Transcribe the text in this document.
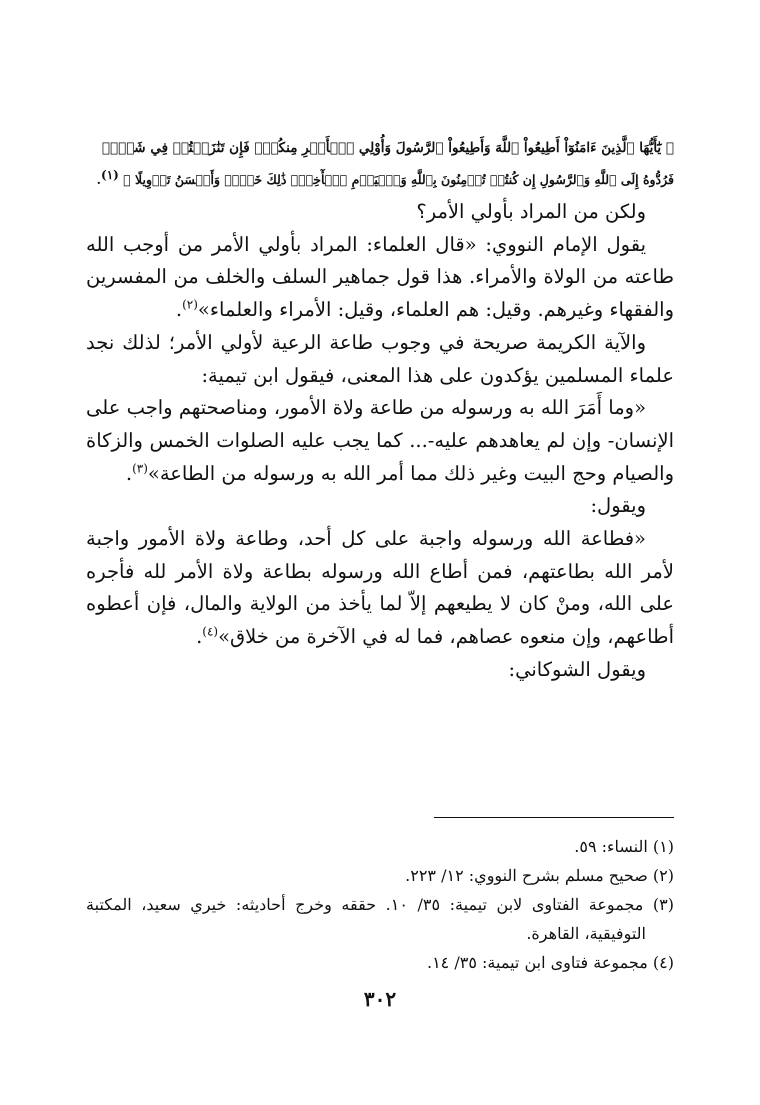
﴿ يَٰٓأَيُّهَا ٱلَّذِينَ ءَامَنُوٓاْ أَطِيعُواْ ٱللَّهَ وَأَطِيعُواْ ٱلرَّسُولَ وَأُوْلِي ٱلۡأَمۡرِ مِنكُمۡۖ فَإِن تَنَٰزَعۡتُمۡ فِي شَيۡءٖ
فَرُدُّوهُ إِلَى ٱللَّهِ وَٱلرَّسُولِ إِن كُنتُمۡ تُؤۡمِنُونَ بِٱللَّهِ وَٱلۡيَوۡمِ ٱلۡأٓخِرِۚ ذَٰلِكَ خَيۡرٞ وَأَحۡسَنُ تَأۡوِيلًا ﴾ (١).

ولكن من المراد بأولي الأمر؟

يقول الإمام النووي: «قال العلماء: المراد بأولي الأمر من أوجب الله طاعته من الولاة والأمراء. هذا قول جماهير السلف والخلف من المفسرين والفقهاء وغيرهم. وقيل: هم العلماء، وقيل: الأمراء والعلماء»$^{(٢)}$.

والآية الكريمة صريحة في وجوب طاعة الرعية لأولي الأمر؛ لذلك نجد علماء المسلمين يؤكدون على هذا المعنى، فيقول ابن تيمية:

«وما أَمَرَ الله به ورسوله من طاعة ولاة الأمور، ومناصحتهم واجب على الإنسان- وإن لم يعاهدهم عليه-... كما يجب عليه الصلوات الخمس والزكاة والصيام وحج البيت وغير ذلك مما أمر الله به ورسوله من الطاعة»$^{(٣)}$.

ويقول:

«فطاعة الله ورسوله واجبة على كل أحد، وطاعة ولاة الأمور واجبة لأمر الله بطاعتهم، فمن أطاع الله ورسوله بطاعة ولاة الأمر لله فأجره على الله، ومنْ كان لا يطيعهم إلاّ لما يأخذ من الولاية والمال، فإن أعطوه أطاعهم، وإن منعوه عصاهم، فما له في الآخرة من خلاق»$^{(٤)}$.

ويقول الشوكاني:

(١) النساء: ٥٩.

(٢) صحيح مسلم بشرح النووي: ١٢/ ٢٢٣.

(٣) مجموعة الفتاوى لابن تيمية: ٣٥/ ١٠. حققه وخرج أحاديثه: خيري سعيد، المكتبة التوفيقية، القاهرة.

(٤) مجموعة فتاوى ابن تيمية: ٣٥/ ١٤.

٣٠٢
